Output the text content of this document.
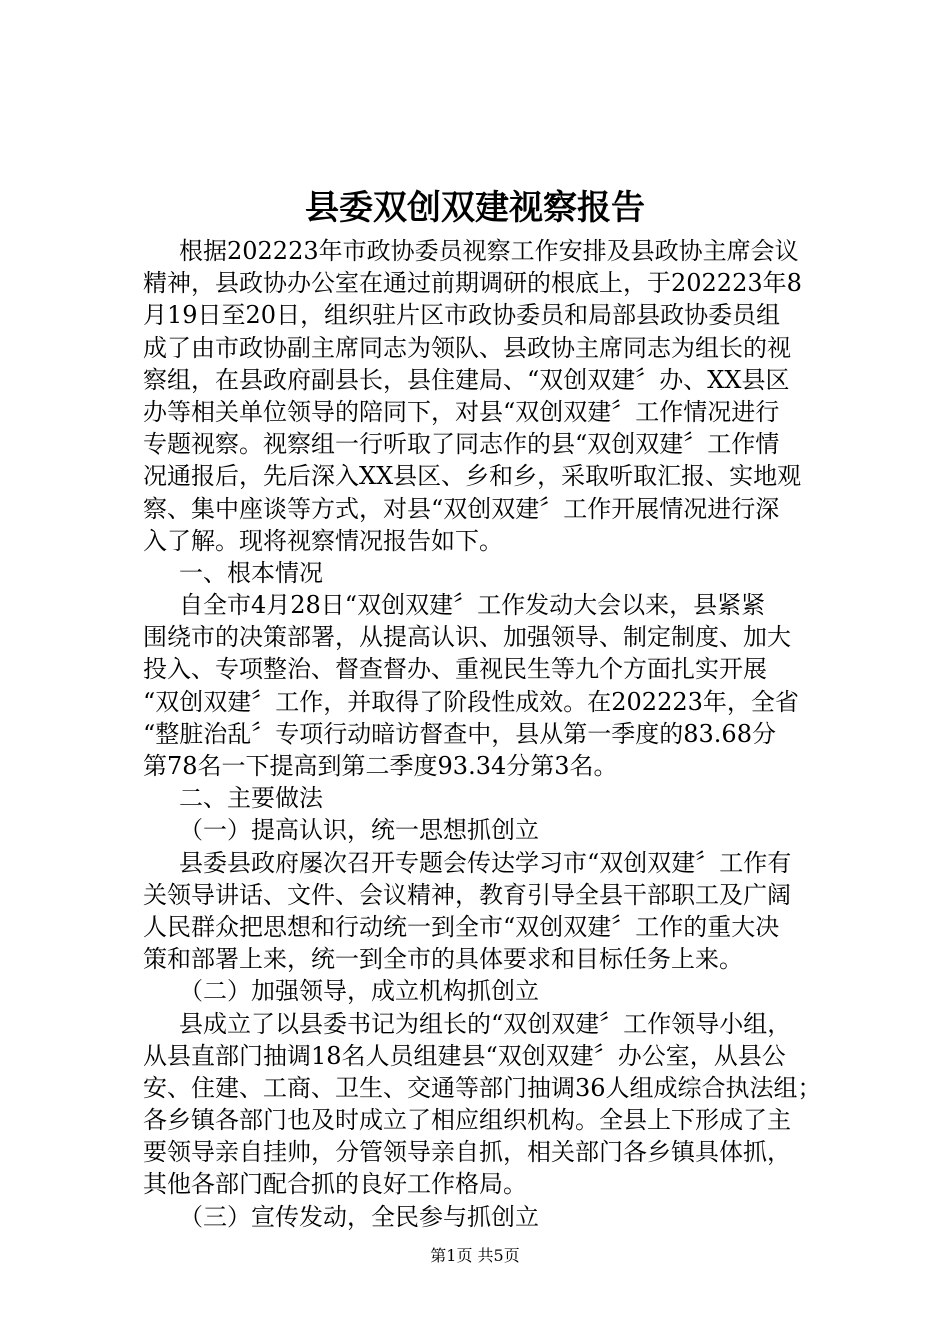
县委双创双建视察报告
根据202223年市政协委员视察工作安排及县政协主席会议
精神，县政协办公室在通过前期调研的根底上，于202223年8
月19日至20日，组织驻片区市政协委员和局部县政协委员组
成了由市政协副主席同志为领队、县政协主席同志为组长的视
察组，在县政府副县长，县住建局、“双创双建〞办、XX县区
办等相关单位领导的陪同下，对县“双创双建〞工作情况进行
专题视察。视察组一行听取了同志作的县“双创双建〞工作情
况通报后，先后深入XX县区、乡和乡，采取听取汇报、实地观
察、集中座谈等方式，对县“双创双建〞工作开展情况进行深
入了解。现将视察情况报告如下。
一、根本情况
自全市4月28日“双创双建〞工作发动大会以来，县紧紧
围绕市的决策部署，从提高认识、加强领导、制定制度、加大
投入、专项整治、督查督办、重视民生等九个方面扎实开展
“双创双建〞工作，并取得了阶段性成效。在202223年，全省
“整脏治乱〞专项行动暗访督查中，县从第一季度的83.68分
第78名一下提高到第二季度93.34分第3名。
二、主要做法
（一）提高认识，统一思想抓创立
县委县政府屡次召开专题会传达学习市“双创双建〞工作有
关领导讲话、文件、会议精神，教育引导全县干部职工及广阔
人民群众把思想和行动统一到全市“双创双建〞工作的重大决
策和部署上来，统一到全市的具体要求和目标任务上来。
（二）加强领导，成立机构抓创立
县成立了以县委书记为组长的“双创双建〞工作领导小组，
从县直部门抽调18名人员组建县“双创双建〞办公室，从县公
安、住建、工商、卫生、交通等部门抽调36人组成综合执法组；
各乡镇各部门也及时成立了相应组织机构。全县上下形成了主
要领导亲自挂帅，分管领导亲自抓，相关部门各乡镇具体抓，
其他各部门配合抓的良好工作格局。
（三）宣传发动，全民参与抓创立
第1页 共5页
